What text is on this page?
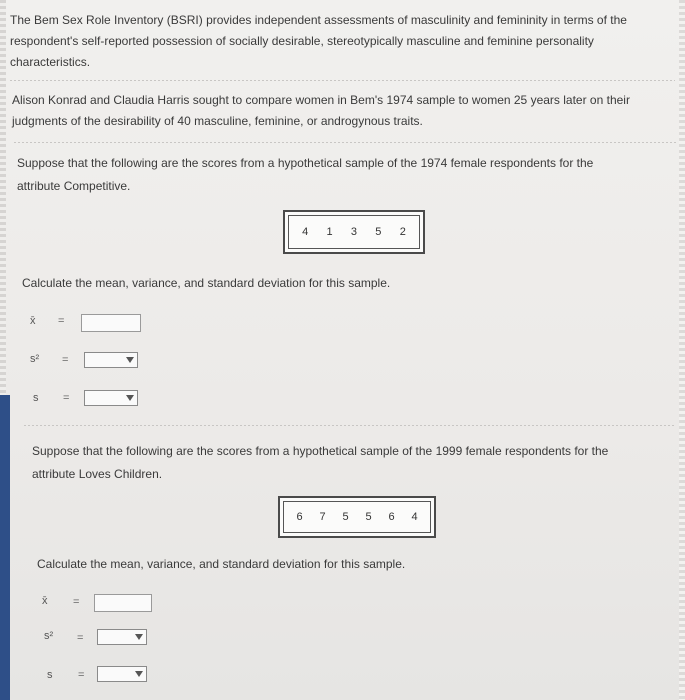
The Bem Sex Role Inventory (BSRI) provides independent assessments of masculinity and femininity in terms of the
respondent's self-reported possession of socially desirable, stereotypically masculine and feminine personality
characteristics.
Alison Konrad and Claudia Harris sought to compare women in Bem's 1974 sample to women 25 years later on their
judgments of the desirability of 40 masculine, feminine, or androgynous traits.
Suppose that the following are the scores from a hypothetical sample of the 1974 female respondents for the
attribute Competitive.
4 1 3 5 2
Calculate the mean, variance, and standard deviation for this sample.
x̄ =
s² =
s =
Suppose that the following are the scores from a hypothetical sample of the 1999 female respondents for the
attribute Loves Children.
6 7 5 5 6 4
Calculate the mean, variance, and standard deviation for this sample.
x̄ =
s² =
s =
